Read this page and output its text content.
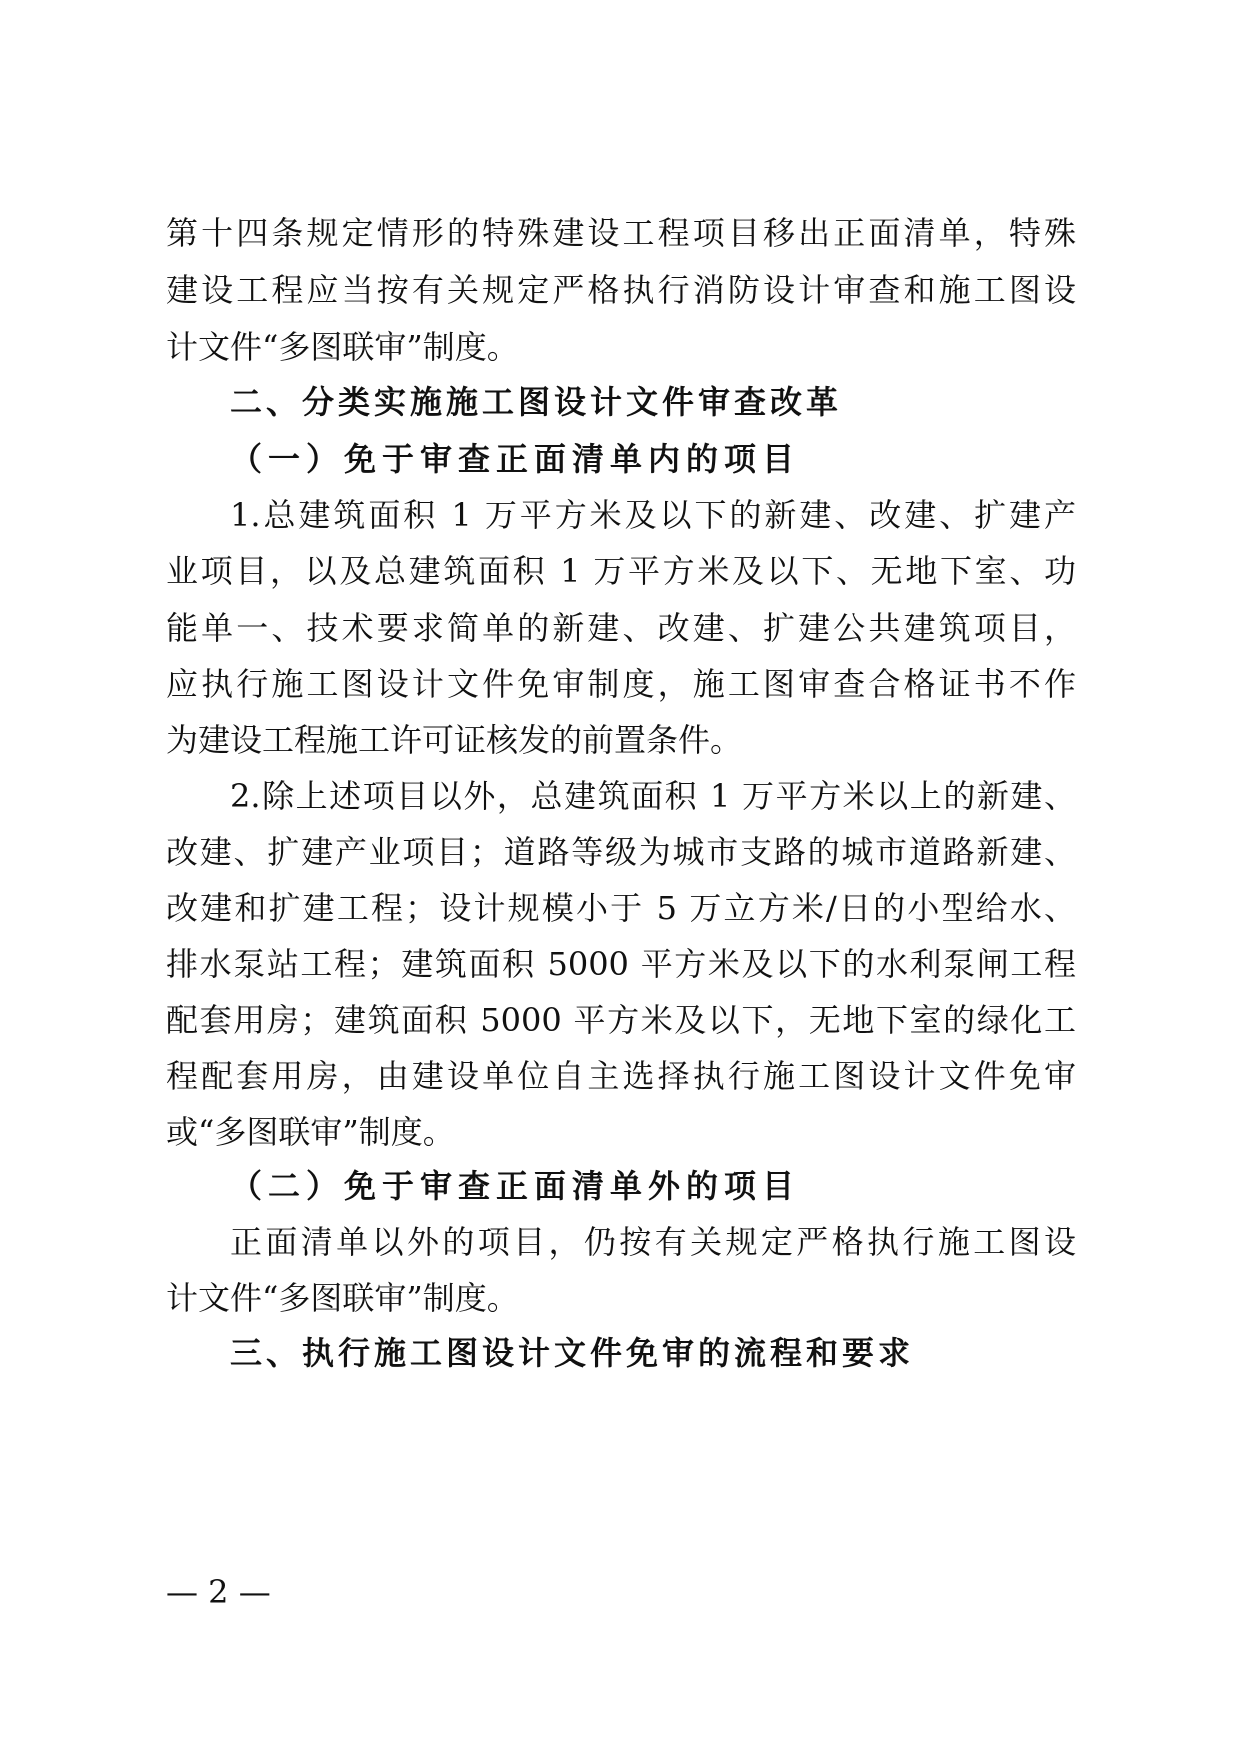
第十四条规定情形的特殊建设工程项目移出正面清单，特殊
建设工程应当按有关规定严格执行消防设计审查和施工图设
计文件“多图联审”制度。
二、分类实施施工图设计文件审查改革
（一）免于审查正面清单内的项目
1.总建筑面积 1 万平方米及以下的新建、改建、扩建产
业项目，以及总建筑面积 1 万平方米及以下、无地下室、功
能单一、技术要求简单的新建、改建、扩建公共建筑项目，
应执行施工图设计文件免审制度，施工图审查合格证书不作
为建设工程施工许可证核发的前置条件。
2.除上述项目以外，总建筑面积 1 万平方米以上的新建、
改建、扩建产业项目；道路等级为城市支路的城市道路新建、
改建和扩建工程；设计规模小于 5 万立方米/日的小型给水、
排水泵站工程；建筑面积 5000 平方米及以下的水利泵闸工程
配套用房；建筑面积 5000 平方米及以下，无地下室的绿化工
程配套用房，由建设单位自主选择执行施工图设计文件免审
或“多图联审”制度。
（二）免于审查正面清单外的项目
正面清单以外的项目，仍按有关规定严格执行施工图设
计文件“多图联审”制度。
三、执行施工图设计文件免审的流程和要求
— 2 —
